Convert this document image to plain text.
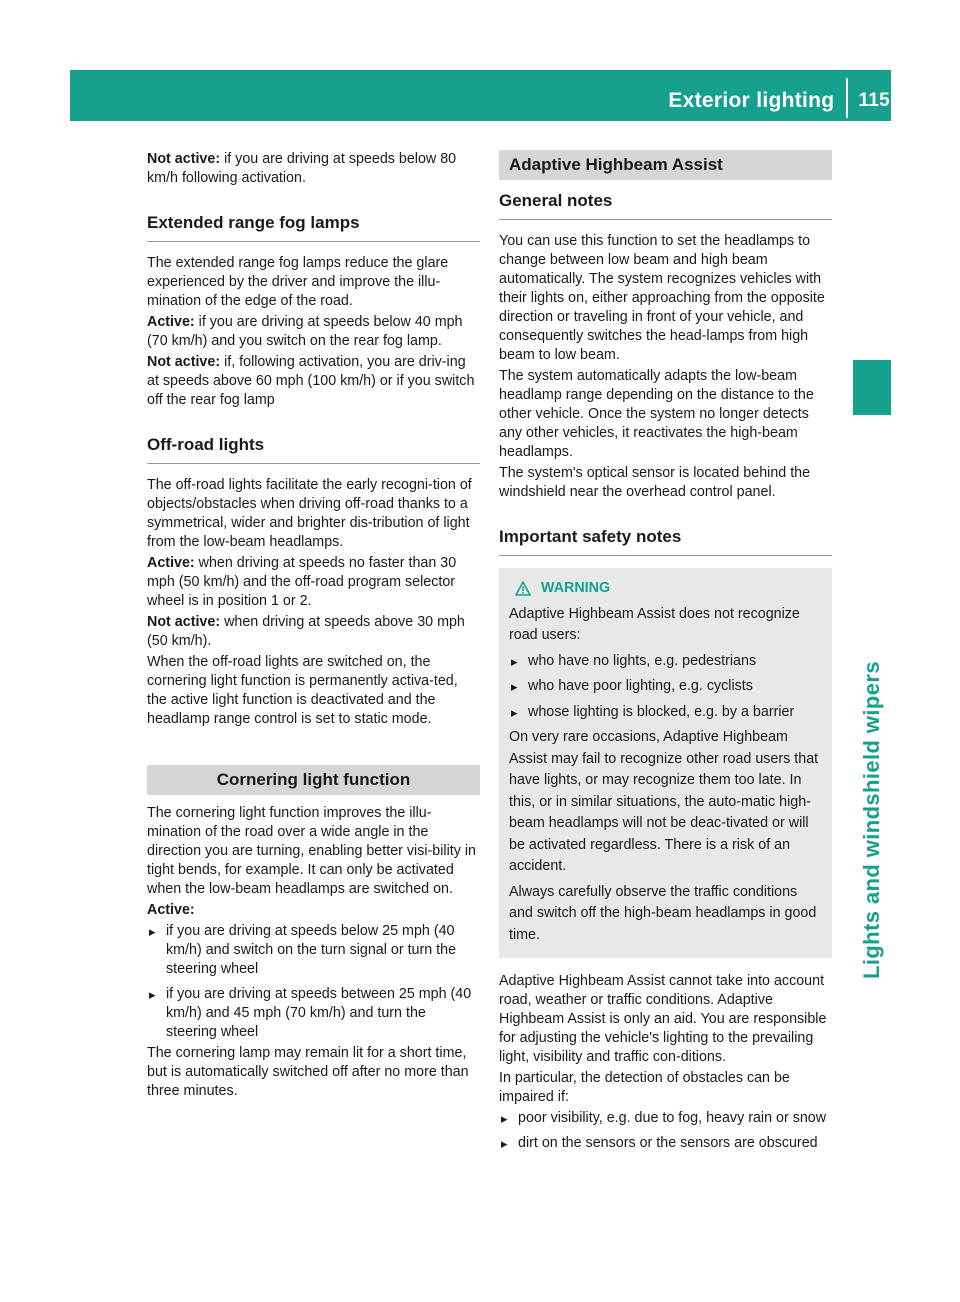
Exterior lighting 115
Lights and windshield wipers

Not active: if you are driving at speeds below 80 km/h following activation.

Extended range fog lamps

The extended range fog lamps reduce the glare experienced by the driver and improve the illu-mination of the edge of the road.

Active: if you are driving at speeds below 40 mph (70 km/h) and you switch on the rear fog lamp.

Not active: if, following activation, you are driv-ing at speeds above 60 mph (100 km/h) or if you switch off the rear fog lamp

Off-road lights

The off-road lights facilitate the early recogni-tion of objects/obstacles when driving off-road thanks to a symmetrical, wider and brighter dis-tribution of light from the low-beam headlamps.

Active: when driving at speeds no faster than 30 mph (50 km/h) and the off-road program selector wheel is in position 1 or 2.

Not active: when driving at speeds above 30 mph (50 km/h).

When the off-road lights are switched on, the cornering light function is permanently activa-ted, the active light function is deactivated and the headlamp range control is set to static mode.

Cornering light function

The cornering light function improves the illu-mination of the road over a wide angle in the direction you are turning, enabling better visi-bility in tight bends, for example. It can only be activated when the low-beam headlamps are switched on.

Active:

▸ if you are driving at speeds below 25 mph (40 km/h) and switch on the turn signal or turn the steering wheel
▸ if you are driving at speeds between 25 mph (40 km/h) and 45 mph (70 km/h) and turn the steering wheel

The cornering lamp may remain lit for a short time, but is automatically switched off after no more than three minutes.

Adaptive Highbeam Assist
General notes

You can use this function to set the headlamps to change between low beam and high beam automatically. The system recognizes vehicles with their lights on, either approaching from the opposite direction or traveling in front of your vehicle, and consequently switches the head-lamps from high beam to low beam.

The system automatically adapts the low-beam headlamp range depending on the distance to the other vehicle. Once the system no longer detects any other vehicles, it reactivates the high-beam headlamps.

The system's optical sensor is located behind the windshield near the overhead control panel.

Important safety notes
WARNING

Adaptive Highbeam Assist does not recognize road users:

▸ who have no lights, e.g. pedestrians
▸ who have poor lighting, e.g. cyclists
▸ whose lighting is blocked, e.g. by a barrier

On very rare occasions, Adaptive Highbeam Assist may fail to recognize other road users that have lights, or may recognize them too late. In this, or in similar situations, the auto-matic high-beam headlamps will not be deac-tivated or will be activated regardless. There is a risk of an accident.

Always carefully observe the traffic conditions and switch off the high-beam headlamps in good time.

Adaptive Highbeam Assist cannot take into account road, weather or traffic conditions. Adaptive Highbeam Assist is only an aid. You are responsible for adjusting the vehicle's lighting to the prevailing light, visibility and traffic con-ditions.

In particular, the detection of obstacles can be impaired if:

▸ poor visibility, e.g. due to fog, heavy rain or snow
▸ dirt on the sensors or the sensors are obscured
